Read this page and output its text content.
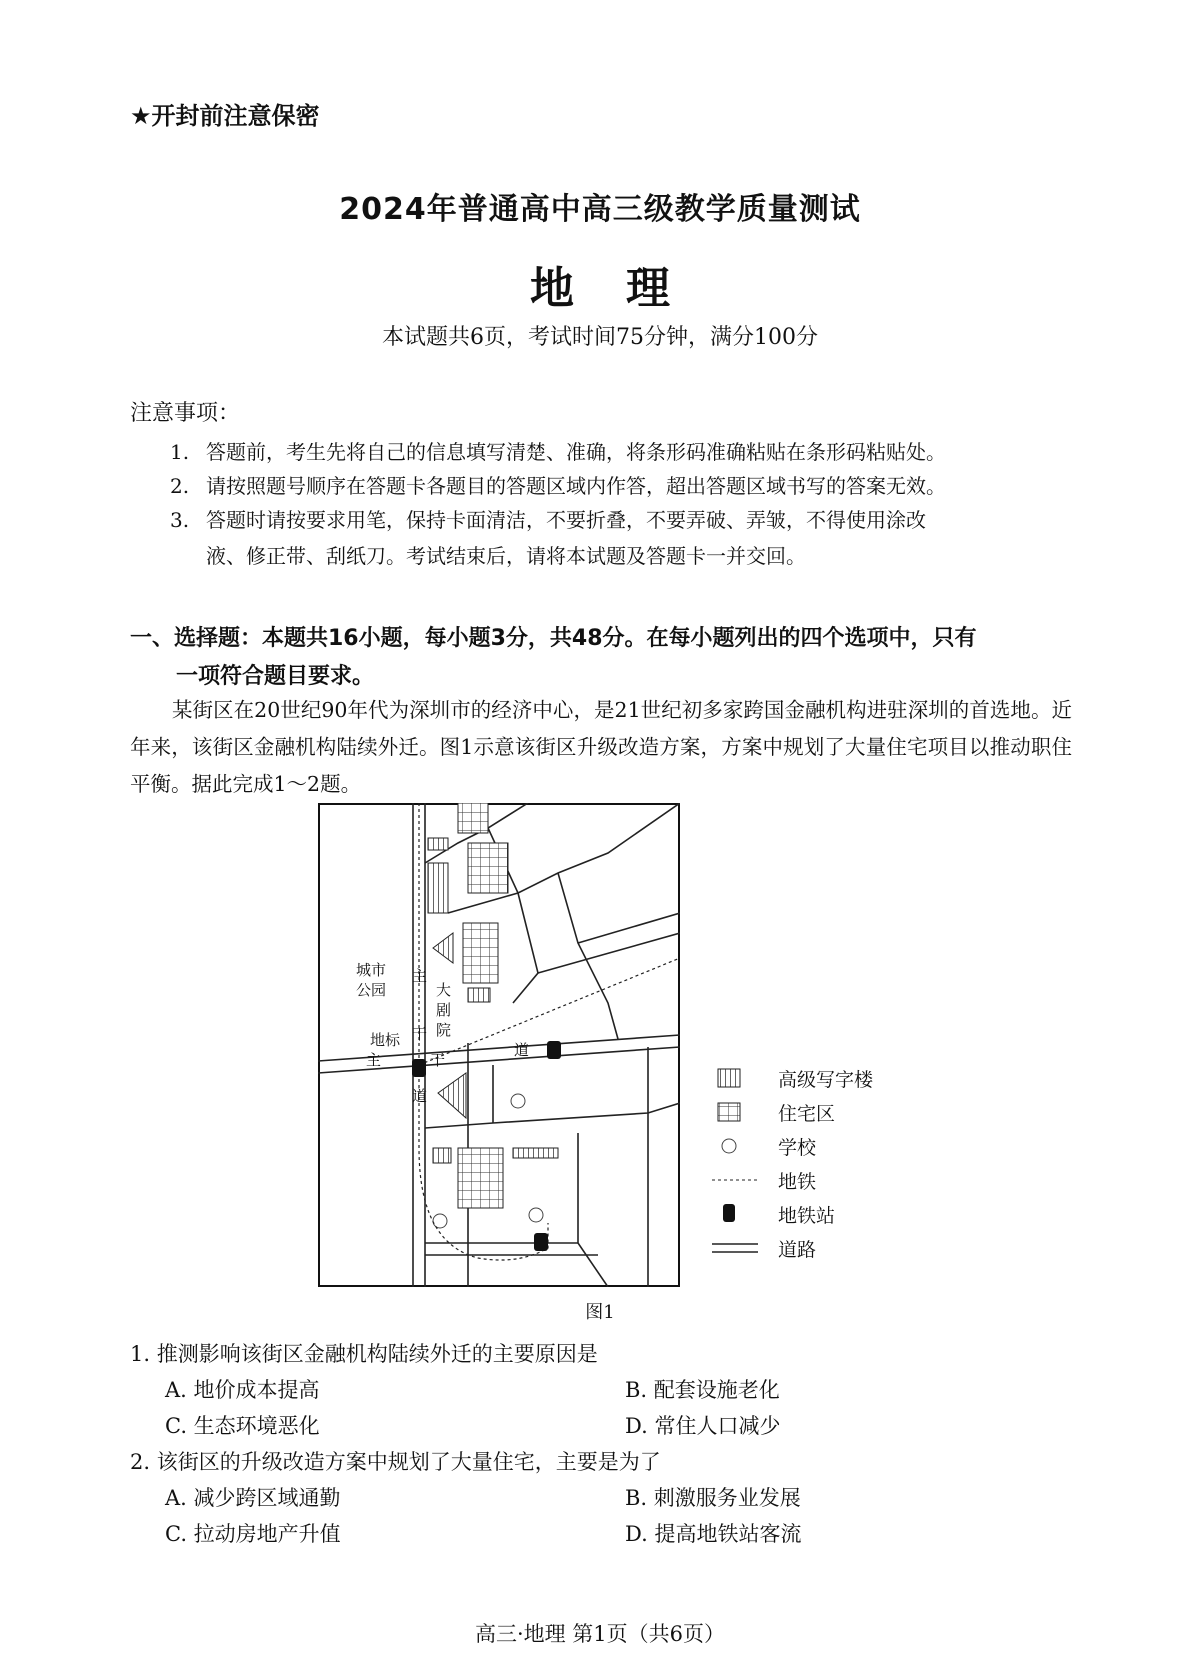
★开封前注意保密
2024年普通高中高三级教学质量测试
地理
本试题共6页，考试时间75分钟，满分100分
注意事项：
1. 答题前，考生先将自己的信息填写清楚、准确，将条形码准确粘贴在条形码粘贴处。
2. 请按照题号顺序在答题卡各题目的答题区域内作答，超出答题区域书写的答案无效。
3. 答题时请按要求用笔，保持卡面清洁，不要折叠，不要弄破、弄皱，不得使用涂改
液、修正带、刮纸刀。考试结束后，请将本试题及答题卡一并交回。
一、选择题：本题共16小题，每小题3分，共48分。在每小题列出的四个选项中，只有
一项符合题目要求。
某街区在20世纪90年代为深圳市的经济中心，是21世纪初多家跨国金融机构进驻深圳的首选地。近年来，该街区金融机构陆续外迁。图1示意该街区升级改造方案，方案中规划了大量住宅项目以推动职住平衡。据此完成1～2题。
城市
公园	大
剧
院
地标
主
干
道
主	干
道
高级写字楼
住宅区
学校
地铁
地铁站
道路
图1
1. 推测影响该街区金融机构陆续外迁的主要原因是
A. 地价成本提高	B. 配套设施老化
C. 生态环境恶化	D. 常住人口减少
2. 该街区的升级改造方案中规划了大量住宅，主要是为了
A. 减少跨区域通勤	B. 刺激服务业发展
C. 拉动房地产升值	D. 提高地铁站客流
高三·地理 第1页（共6页）
